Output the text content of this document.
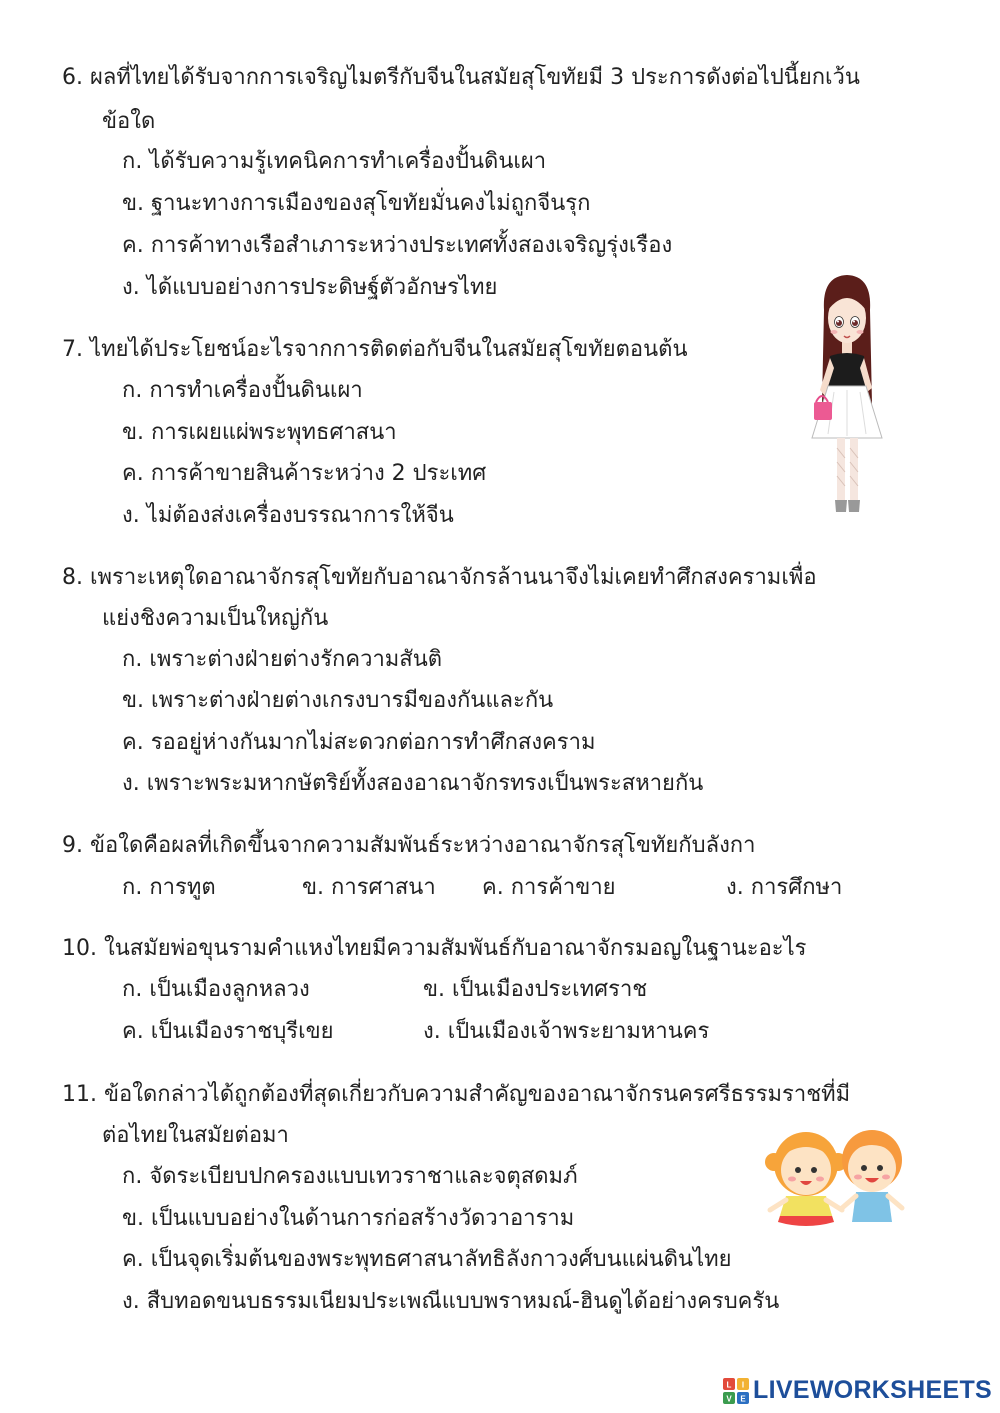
6. ผลที่ไทยได้รับจากการเจริญไมตรีกับจีนในสมัยสุโขทัยมี 3 ประการดังต่อไปนี้ยกเว้น
ข้อใด
ก. ได้รับความรู้เทคนิคการทำเครื่องปั้นดินเผา
ข. ฐานะทางการเมืองของสุโขทัยมั่นคงไม่ถูกจีนรุก
ค. การค้าทางเรือสำเภาระหว่างประเทศทั้งสองเจริญรุ่งเรือง
ง. ได้แบบอย่างการประดิษฐ์ตัวอักษรไทย
7. ไทยได้ประโยชน์อะไรจากการติดต่อกับจีนในสมัยสุโขทัยตอนต้น
ก. การทำเครื่องปั้นดินเผา
ข. การเผยแผ่พระพุทธศาสนา
ค. การค้าขายสินค้าระหว่าง 2 ประเทศ
ง. ไม่ต้องส่งเครื่องบรรณาการให้จีน
8. เพราะเหตุใดอาณาจักรสุโขทัยกับอาณาจักรล้านนาจึงไม่เคยทำศึกสงครามเพื่อ
แย่งชิงความเป็นใหญ่กัน
ก. เพราะต่างฝ่ายต่างรักความสันติ
ข. เพราะต่างฝ่ายต่างเกรงบารมีของกันและกัน
ค. รออยู่ห่างกันมากไม่สะดวกต่อการทำศึกสงคราม
ง. เพราะพระมหากษัตริย์ทั้งสองอาณาจักรทรงเป็นพระสหายกัน
9. ข้อใดคือผลที่เกิดขึ้นจากความสัมพันธ์ระหว่างอาณาจักรสุโขทัยกับลังกา
ก. การทูต	ข. การศาสนา ค. การค้าขาย	ง. การศึกษา
10. ในสมัยพ่อขุนรามคำแหงไทยมีความสัมพันธ์กับอาณาจักรมอญในฐานะอะไร
ก. เป็นเมืองลูกหลวง	ข. เป็นเมืองประเทศราช
ค. เป็นเมืองราชบุรีเขย	ง. เป็นเมืองเจ้าพระยามหานคร
11. ข้อใดกล่าวได้ถูกต้องที่สุดเกี่ยวกับความสำคัญของอาณาจักรนครศรีธรรมราชที่มี
ต่อไทยในสมัยต่อมา
ก. จัดระเบียบปกครองแบบเทวราชาและจตุสดมภ์
ข. เป็นแบบอย่างในด้านการก่อสร้างวัดวาอาราม
ค. เป็นจุดเริ่มต้นของพระพุทธศาสนาลัทธิลังกาวงศ์บนแผ่นดินไทย
ง. สืบทอดขนบธรรมเนียมประเพณีแบบพราหมณ์-ฮินดูได้อย่างครบครัน
L I
V E LIVEWORKSHEETS
